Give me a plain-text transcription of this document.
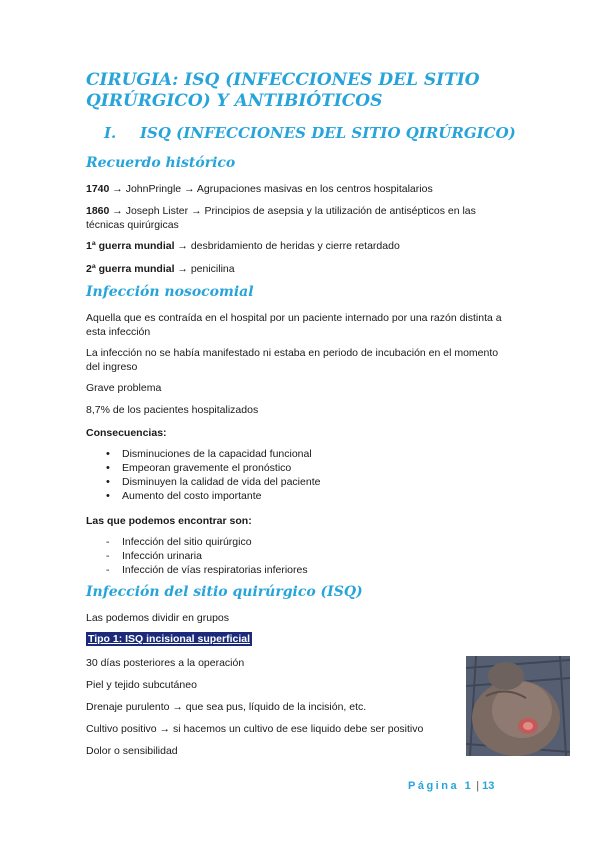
CIRUGIA: ISQ (INFECCIONES DEL SITIO QIRÚRGICO) Y ANTIBIÓTICOS
I. ISQ (INFECCIONES DEL SITIO QIRÚRGICO)
Recuerdo histórico

1740 → JohnPringle → Agrupaciones masivas en los centros hospitalarios

1860 → Joseph Lister → Principios de asepsia y la utilización de antisépticos en las técnicas quirúrgicas

1ª guerra mundial → desbridamiento de heridas y cierre retardado

2ª guerra mundial → penicilina

Infección nosocomial

Aquella que es contraída en el hospital por un paciente internado por una razón distinta a esta infección

La infección no se había manifestado ni estaba en periodo de incubación en el momento del ingreso

Grave problema

8,7% de los pacientes hospitalizados

Consecuencias:

• Disminuciones de la capacidad funcional
• Empeoran gravemente el pronóstico
• Disminuyen la calidad de vida del paciente
• Aumento del costo importante

Las que podemos encontrar son:

- Infección del sitio quirúrgico
- Infección urinaria
- Infección de vías respiratorias inferiores
Infección del sitio quirúrgico (ISQ)

Las podemos dividir en grupos

Tipo 1: ISQ incisional superficial

30 días posteriores a la operación

Piel y tejido subcutáneo

Drenaje purulento → que sea pus, líquido de la incisión, etc.

Cultivo positivo → si hacemos un cultivo de ese liquido debe ser positivo

Dolor o sensibilidad

Página 1 | 13
